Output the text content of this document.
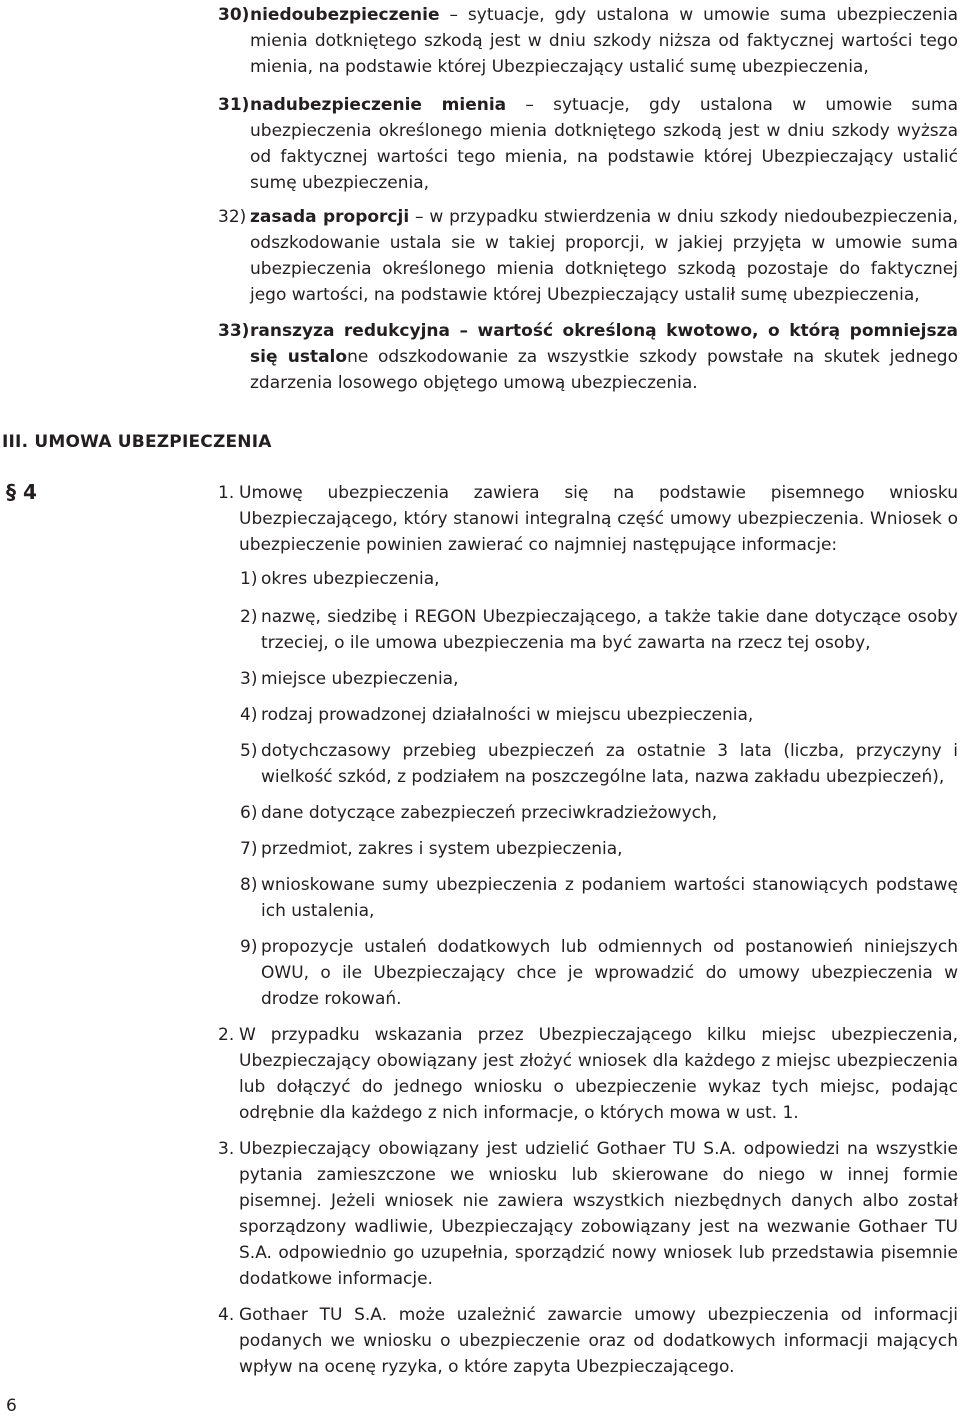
30) niedoubezpieczenie – sytuacje, gdy ustalona w umowie suma ubezpieczenia mienia dotkniętego szkodą jest w dniu szkody niższa od faktycznej wartości tego mienia, na podstawie której Ubezpieczający ustalić sumę ubezpieczenia,
31) nadubezpieczenie mienia – sytuacje, gdy ustalona w umowie suma ubezpieczenia określonego mienia dotkniętego szkodą jest w dniu szkody wyższa od faktycznej wartości tego mienia, na podstawie której Ubezpieczający ustalić sumę ubezpieczenia,
32) zasada proporcji – w przypadku stwierdzenia w dniu szkody niedoubezpieczenia, odszkodowanie ustala sie w takiej proporcji, w jakiej przyjęta w umowie suma ubezpieczenia określonego mienia dotkniętego szkodą pozostaje do faktycznej jego wartości, na podstawie której Ubezpieczający ustalił sumę ubezpieczenia,
33) ranszyza redukcyjna – wartość określoną kwotowo, o którą pomniejsza się ustalone odszkodowanie za wszystkie szkody powstałe na skutek jednego zdarzenia losowego objętego umową ubezpieczenia.
III. UMOWA UBEZPIECZENIA
§ 4	1. Umowę ubezpieczenia zawiera się na podstawie pisemnego wniosku Ubezpieczającego, który stanowi integralną część umowy ubezpieczenia. Wniosek o ubezpieczenie powinien zawierać co najmniej następujące informacje:
1) okres ubezpieczenia,
2) nazwę, siedzibę i REGON Ubezpieczającego, a także takie dane dotyczące osoby trzeciej, o ile umowa ubezpieczenia ma być zawarta na rzecz tej osoby,
3) miejsce ubezpieczenia,
4) rodzaj prowadzonej działalności w miejscu ubezpieczenia,
5) dotychczasowy przebieg ubezpieczeń za ostatnie 3 lata (liczba, przyczyny i wielkość szkód, z podziałem na poszczególne lata, nazwa zakładu ubezpieczeń),
6) dane dotyczące zabezpieczeń przeciwkradzieżowych,
7) przedmiot, zakres i system ubezpieczenia,
8) wnioskowane sumy ubezpieczenia z podaniem wartości stanowiących podstawę ich ustalenia,
9) propozycje ustaleń dodatkowych lub odmiennych od postanowień niniejszych OWU, o ile Ubezpieczający chce je wprowadzić do umowy ubezpieczenia w drodze rokowań.
2. W przypadku wskazania przez Ubezpieczającego kilku miejsc ubezpieczenia, Ubezpieczający obowiązany jest złożyć wniosek dla każdego z miejsc ubezpieczenia lub dołączyć do jednego wniosku o ubezpieczenie wykaz tych miejsc, podając odrębnie dla każdego z nich informacje, o których mowa w ust. 1.
3. Ubezpieczający obowiązany jest udzielić Gothaer TU S.A. odpowiedzi na wszystkie pytania zamieszczone we wniosku lub skierowane do niego w innej formie pisemnej. Jeżeli wniosek nie zawiera wszystkich niezbędnych danych albo został sporządzony wadliwie, Ubezpieczający zobowiązany jest na wezwanie Gothaer TU S.A. odpowiednio go uzupełnia, sporządzić nowy wniosek lub przedstawia pisemnie dodatkowe informacje.
4. Gothaer TU S.A. może uzależnić zawarcie umowy ubezpieczenia od informacji podanych we wniosku o ubezpieczenie oraz od dodatkowych informacji mających wpływ na ocenę ryzyka, o które zapyta Ubezpieczającego.
6
